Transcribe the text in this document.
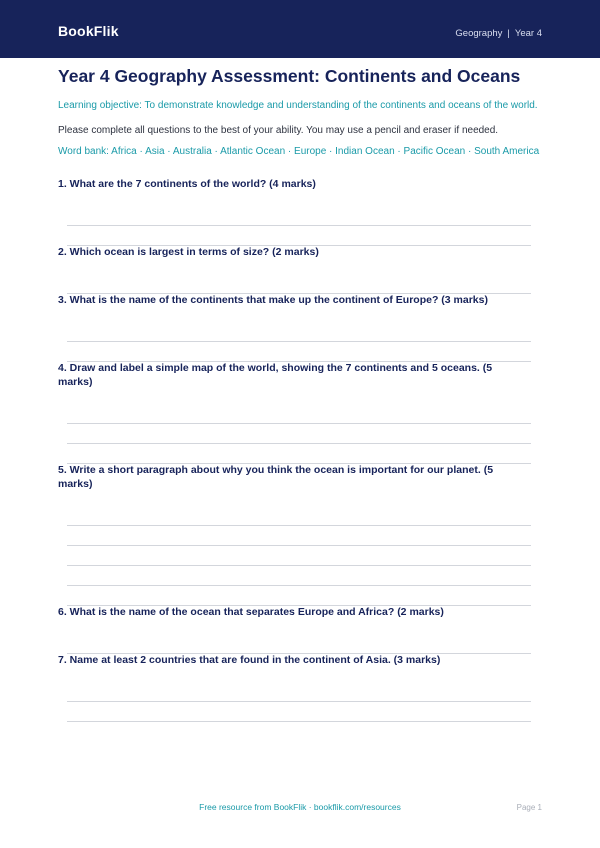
BookFlik	Geography | Year 4
Year 4 Geography Assessment: Continents and Oceans
Learning objective: To demonstrate knowledge and understanding of the continents and oceans of the world.
Please complete all questions to the best of your ability. You may use a pencil and eraser if needed.
Word bank: Africa · Asia · Australia · Atlantic Ocean · Europe · Indian Ocean · Pacific Ocean · South America
1. What are the 7 continents of the world? (4 marks)
2. Which ocean is largest in terms of size? (2 marks)
3. What is the name of the continents that make up the continent of Europe? (3 marks)
4. Draw and label a simple map of the world, showing the 7 continents and 5 oceans. (5 marks)
5. Write a short paragraph about why you think the ocean is important for our planet. (5 marks)
6. What is the name of the ocean that separates Europe and Africa? (2 marks)
7. Name at least 2 countries that are found in the continent of Asia. (3 marks)
Free resource from BookFlik · bookflik.com/resources	Page 1
